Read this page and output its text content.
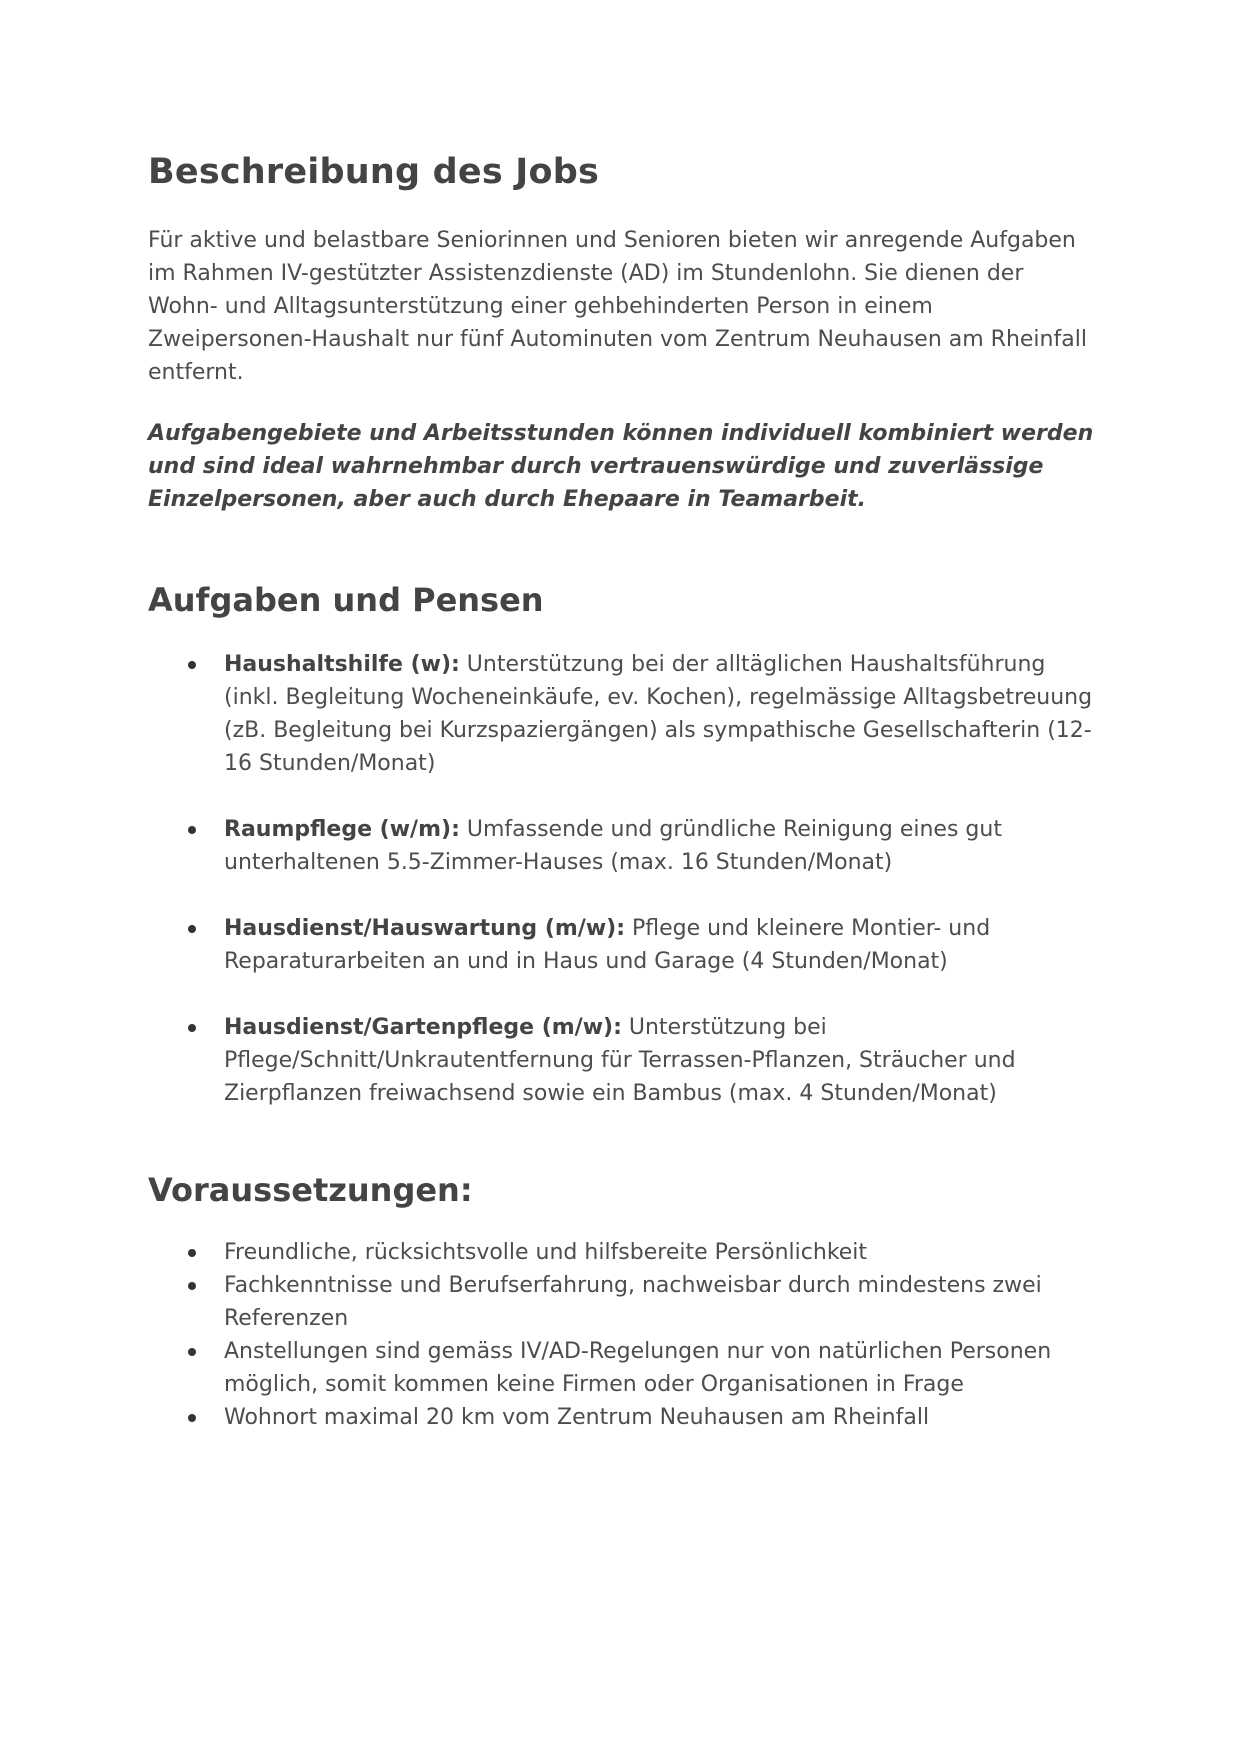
Beschreibung des Jobs

Für aktive und belastbare Seniorinnen und Senioren bieten wir anregende Aufgaben im Rahmen IV-gestützter Assistenzdienste (AD) im Stundenlohn. Sie dienen der Wohn- und Alltagsunterstützung einer gehbehinderten Person in einem Zweipersonen-Haushalt nur fünf Autominuten vom Zentrum Neuhausen am Rheinfall entfernt.

Aufgabengebiete und Arbeitsstunden können individuell kombiniert werden und sind ideal wahrnehmbar durch vertrauenswürdige und zuverlässige Einzelpersonen, aber auch durch Ehepaare in Teamarbeit.

Aufgaben und Pensen
Haushaltshilfe (w): Unterstützung bei der alltäglichen Haushaltsführung (inkl. Begleitung Wocheneinkäufe, ev. Kochen), regelmässige Alltagsbetreuung (zB. Begleitung bei Kurzspaziergängen) als sympathische Gesellschafterin (12-16 Stunden/Monat)
Raumpflege (w/m): Umfassende und gründliche Reinigung eines gut unterhaltenen 5.5-Zimmer-Hauses (max. 16 Stunden/Monat)
Hausdienst/Hauswartung (m/w): Pflege und kleinere Montier- und Reparaturarbeiten an und in Haus und Garage (4 Stunden/Monat)
Hausdienst/Gartenpflege (m/w): Unterstützung bei Pflege/Schnitt/Unkrautentfernung für Terrassen-Pflanzen, Sträucher und Zierpflanzen freiwachsend sowie ein Bambus (max. 4 Stunden/Monat)
Voraussetzungen:
Freundliche, rücksichtsvolle und hilfsbereite Persönlichkeit
Fachkenntnisse und Berufserfahrung, nachweisbar durch mindestens zwei Referenzen
Anstellungen sind gemäss IV/AD-Regelungen nur von natürlichen Personen möglich, somit kommen keine Firmen oder Organisationen in Frage
Wohnort maximal 20 km vom Zentrum Neuhausen am Rheinfall
